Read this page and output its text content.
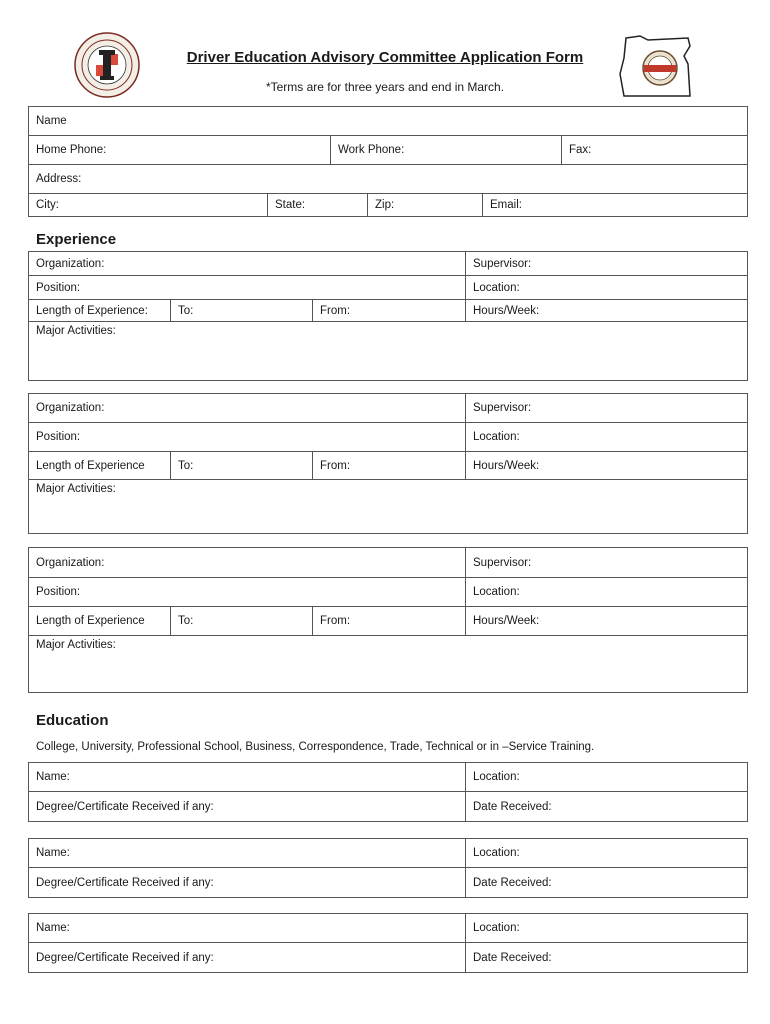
Driver Education Advisory Committee Application Form
*Terms are for three years and end in March.
Name
Home Phone:	Work Phone:	Fax:
Address:
City:	State:	Zip:	Email:
Experience
Organization:	Supervisor:
Position:	Location:
Length of Experience:	To:	From:	Hours/Week:
Major Activities:
Organization:	Supervisor:
Position:	Location:
Length of Experience	To:	From:	Hours/Week:
Major Activities:
Organization:	Supervisor:
Position:	Location:
Length of Experience	To:	From:	Hours/Week:
Major Activities:
Education
College, University, Professional School, Business, Correspondence, Trade, Technical or in –Service Training.
Name:	Location:
Degree/Certificate Received if any:	Date Received:
Name:	Location:
Degree/Certificate Received if any:	Date Received:
Name:	Location:
Degree/Certificate Received if any:	Date Received:
